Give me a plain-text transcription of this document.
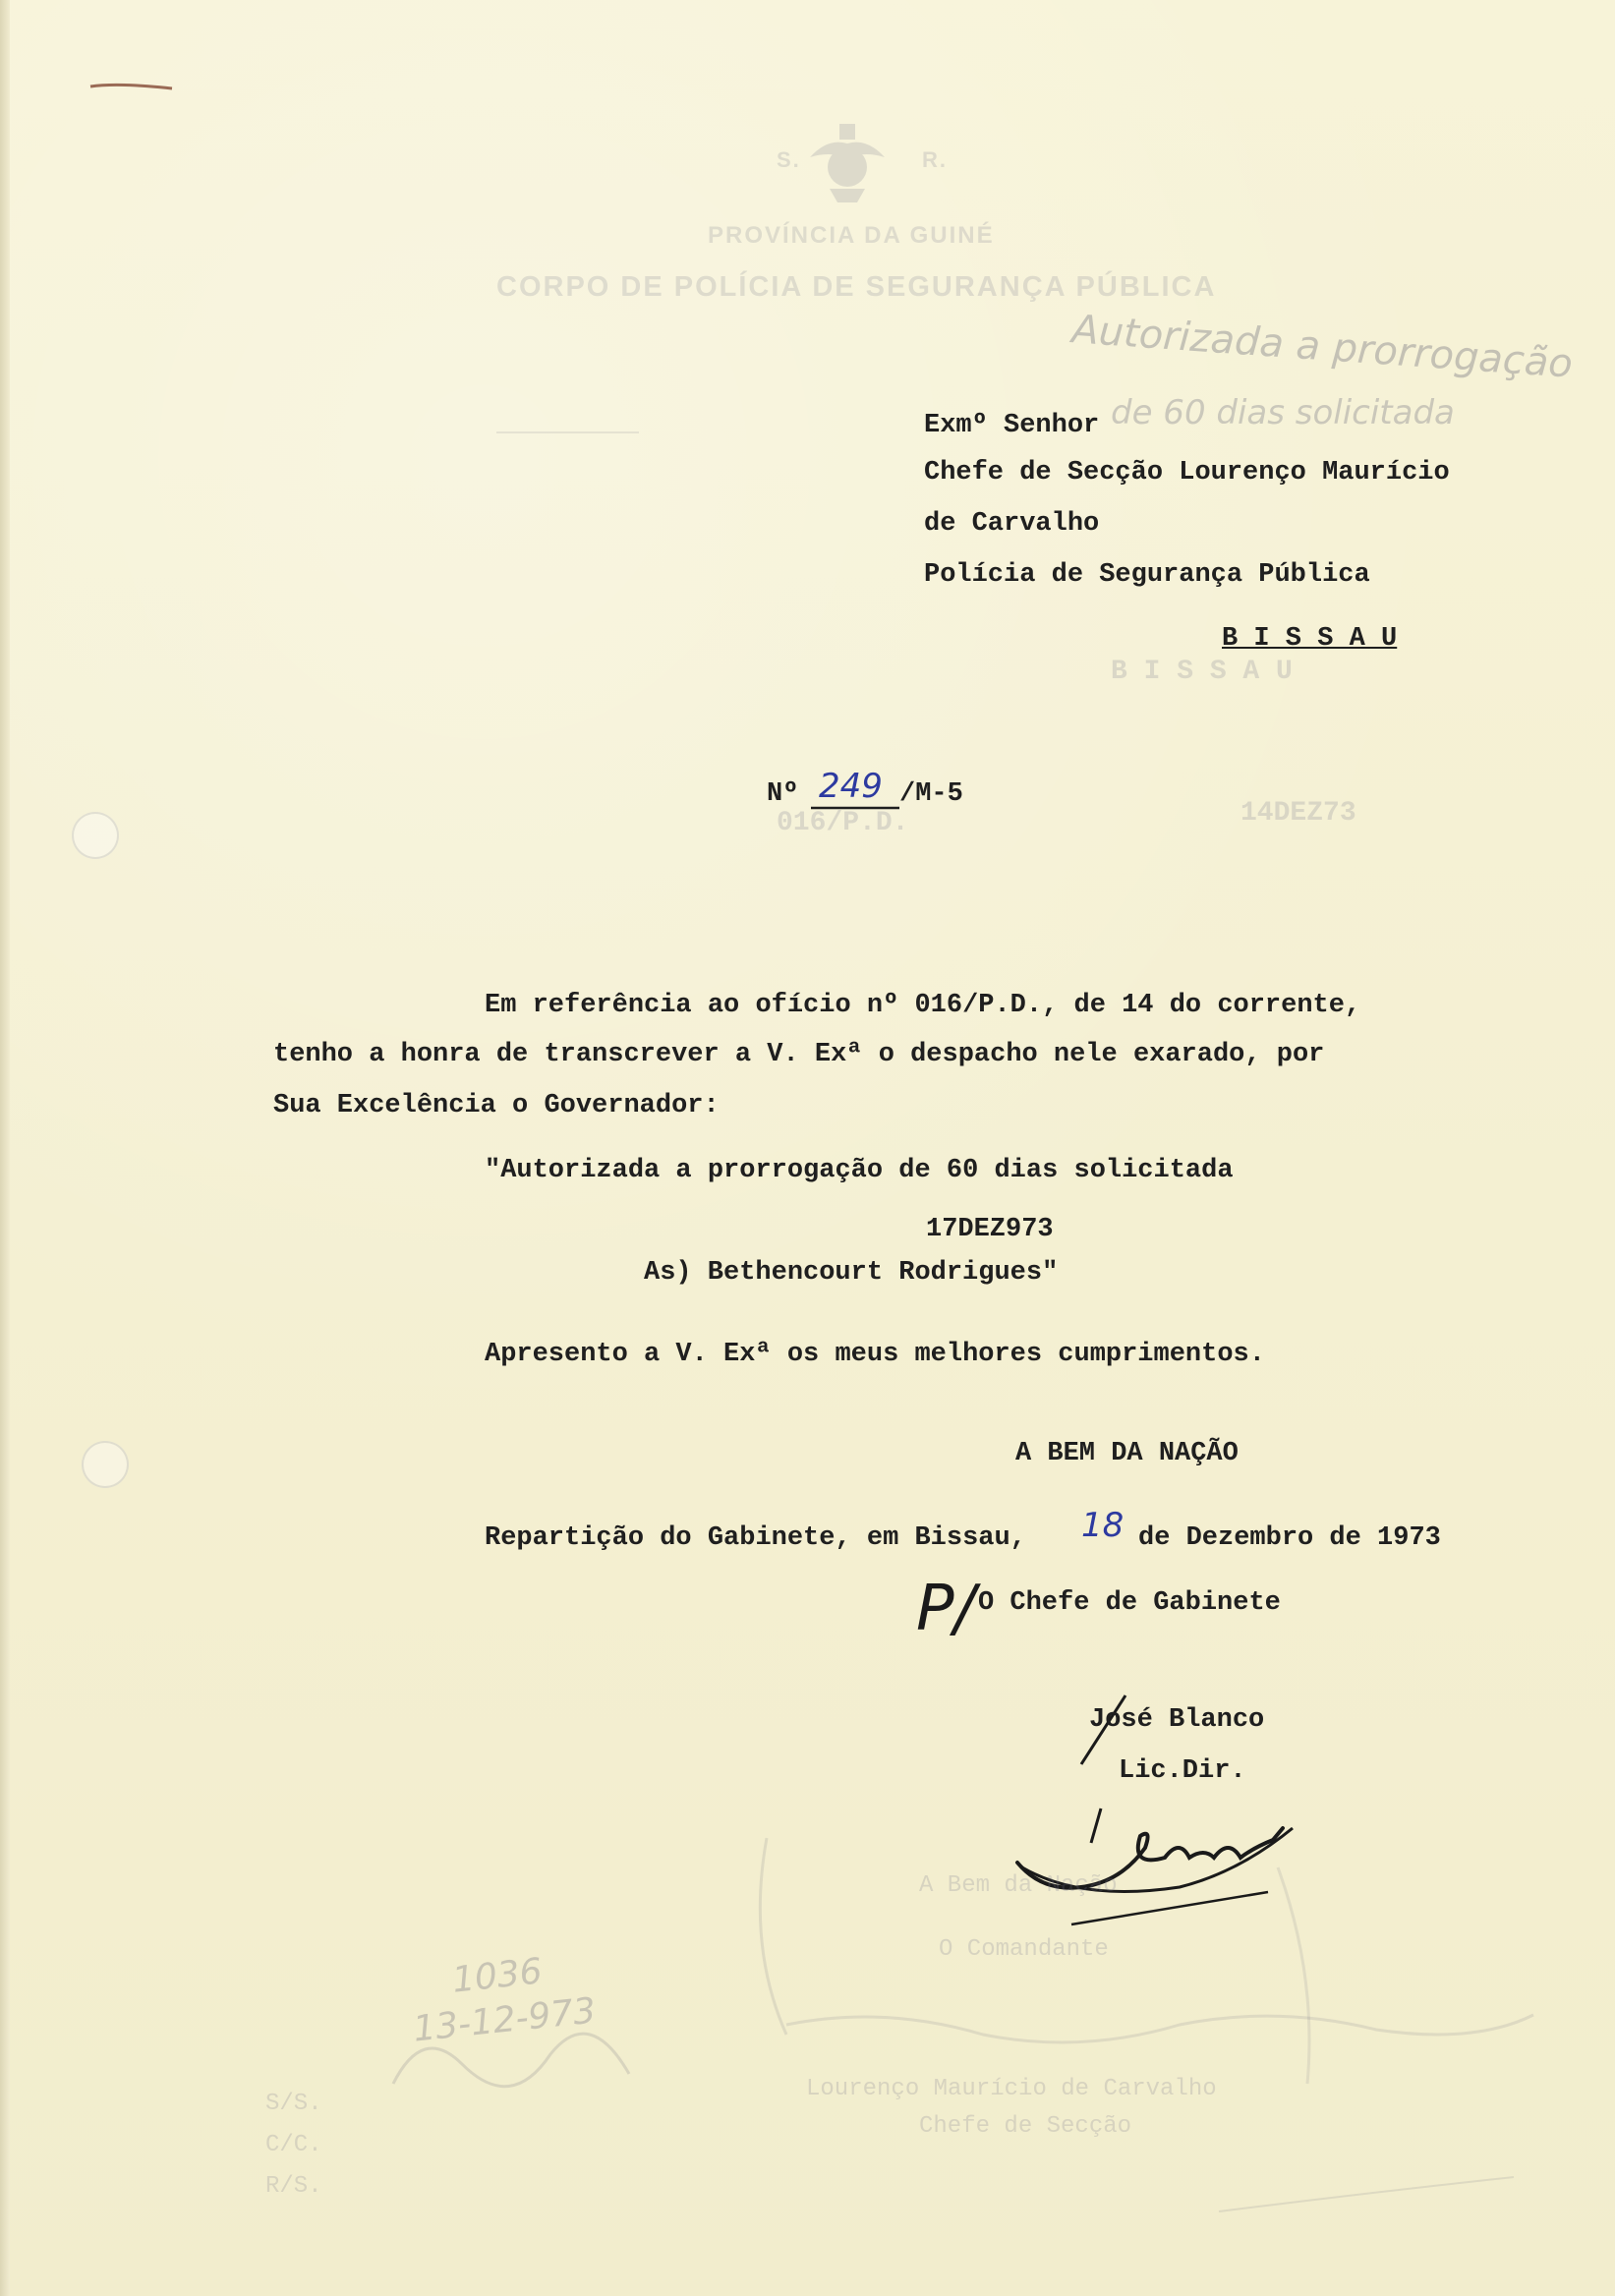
S.	R.
PROVÍNCIA DA GUINÉ
CORPO DE POLÍCIA DE SEGURANÇA PÚBLICA
Autorizada a prorrogação
de 60 dias solicitada
Exmº Senhor
Chefe de Secção Lourenço Maurício
de Carvalho
Polícia de Segurança Pública
B I S S A U
B I S S A U
Nº 249 /M-5
016/P.D.	14DEZ73
Em referência ao ofício nº 016/P.D., de 14 do corrente,
tenho a honra de transcrever a V. Exª o despacho nele exarado, por
Sua Excelência o Governador:
"Autorizada a prorrogação de 60 dias solicitada
17DEZ973
As) Bethencourt Rodrigues"
Apresento a V. Exª os meus melhores cumprimentos.
A BEM DA NAÇÃO
Repartição do Gabinete, em Bissau, 18 de Dezembro de 1973
P/ O Chefe de Gabinete
José Blanco
Lic.Dir.
A Bem da Nação
O Comandante
Lourenço Maurício de Carvalho
Chefe de Secção
S/S. C/C. R/S.
1036
13-12-973
